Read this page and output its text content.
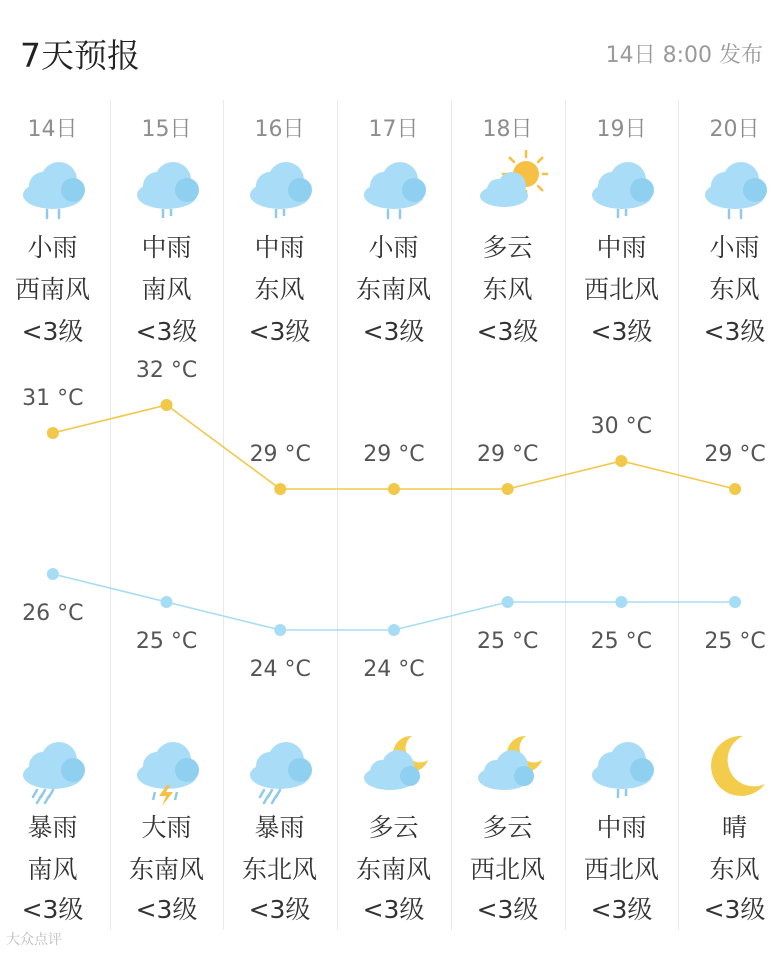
7天预报	14日 8:00 发布
14日
小雨
西南风
<3级
暴雨
南风
<3级
15日
中雨
南风
<3级
大雨
东南风
<3级
16日
中雨
东风
<3级
暴雨
东北风
<3级
17日
小雨
东南风
<3级
多云
东南风
<3级
18日
多云
东风
<3级
多云
西北风
<3级
19日
中雨
西北风
<3级
中雨
西北风
<3级
20日
小雨
东风
<3级
晴
东风
<3级
31 °C
32 °C
29 °C 29 °C 29 °C
30 °C
29 °C
26 °C
25 °C
24 °C 24 °C
25 °C 25 °C 25 °C
大众点评
